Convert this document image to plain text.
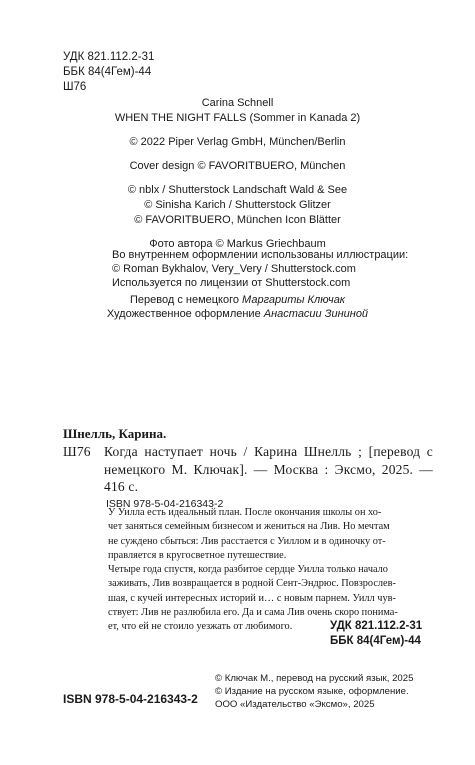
УДК 821.112.2-31
ББК 84(4Гем)-44
Ш76
Carina Schnell
WHEN THE NIGHT FALLS (Sommer in Kanada 2)
© 2022 Piper Verlag GmbH, München/Berlin
Cover design © FAVORITBUERO, München
© nblx / Shutterstock Landschaft Wald & See
© Sinisha Karich / Shutterstock Glitzer
© FAVORITBUERO, München Icon Blätter
Фото автора © Markus Griechbaum
Во внутреннем оформлении использованы иллюстрации:
© Roman Bykhalov, Very_Very / Shutterstock.com
Используется по лицензии от Shutterstock.com
Перевод с немецкого Маргариты Ключак
Художественное оформление Анастасии Зининой
Шнелль, Карина.
Ш76 Когда наступает ночь / Карина Шнелль ; [перевод с немецкого М. Ключак]. — Москва : Эксмо, 2025. — 416 с.
ISBN 978-5-04-216343-2

У Уилла есть идеальный план. После окончания школы он хо-
чет заняться семейным бизнесом и жениться на Лив. Но мечтам
не суждено сбыться: Лив расстается с Уиллом и в одиночку от-
правляется в кругосветное путешествие.

Четыре года спустя, когда разбитое сердце Уилла только начало
заживать, Лив возвращается в родной Сент-Эндрюс. Повзрослев-
шая, с кучей интересных историй и… с новым парнем. Уилл чув-
ствует: Лив не разлюбила его. Да и сама Лив очень скоро понима-
ет, что ей не стоило уезжать от любимого.	УДК 821.112.2-31
ББК 84(4Гем)-44
© Ключак М., перевод на русский язык, 2025
© Издание на русском языке, оформление.
ООО «Издательство «Эксмо», 2025
ISBN 978-5-04-216343-2
